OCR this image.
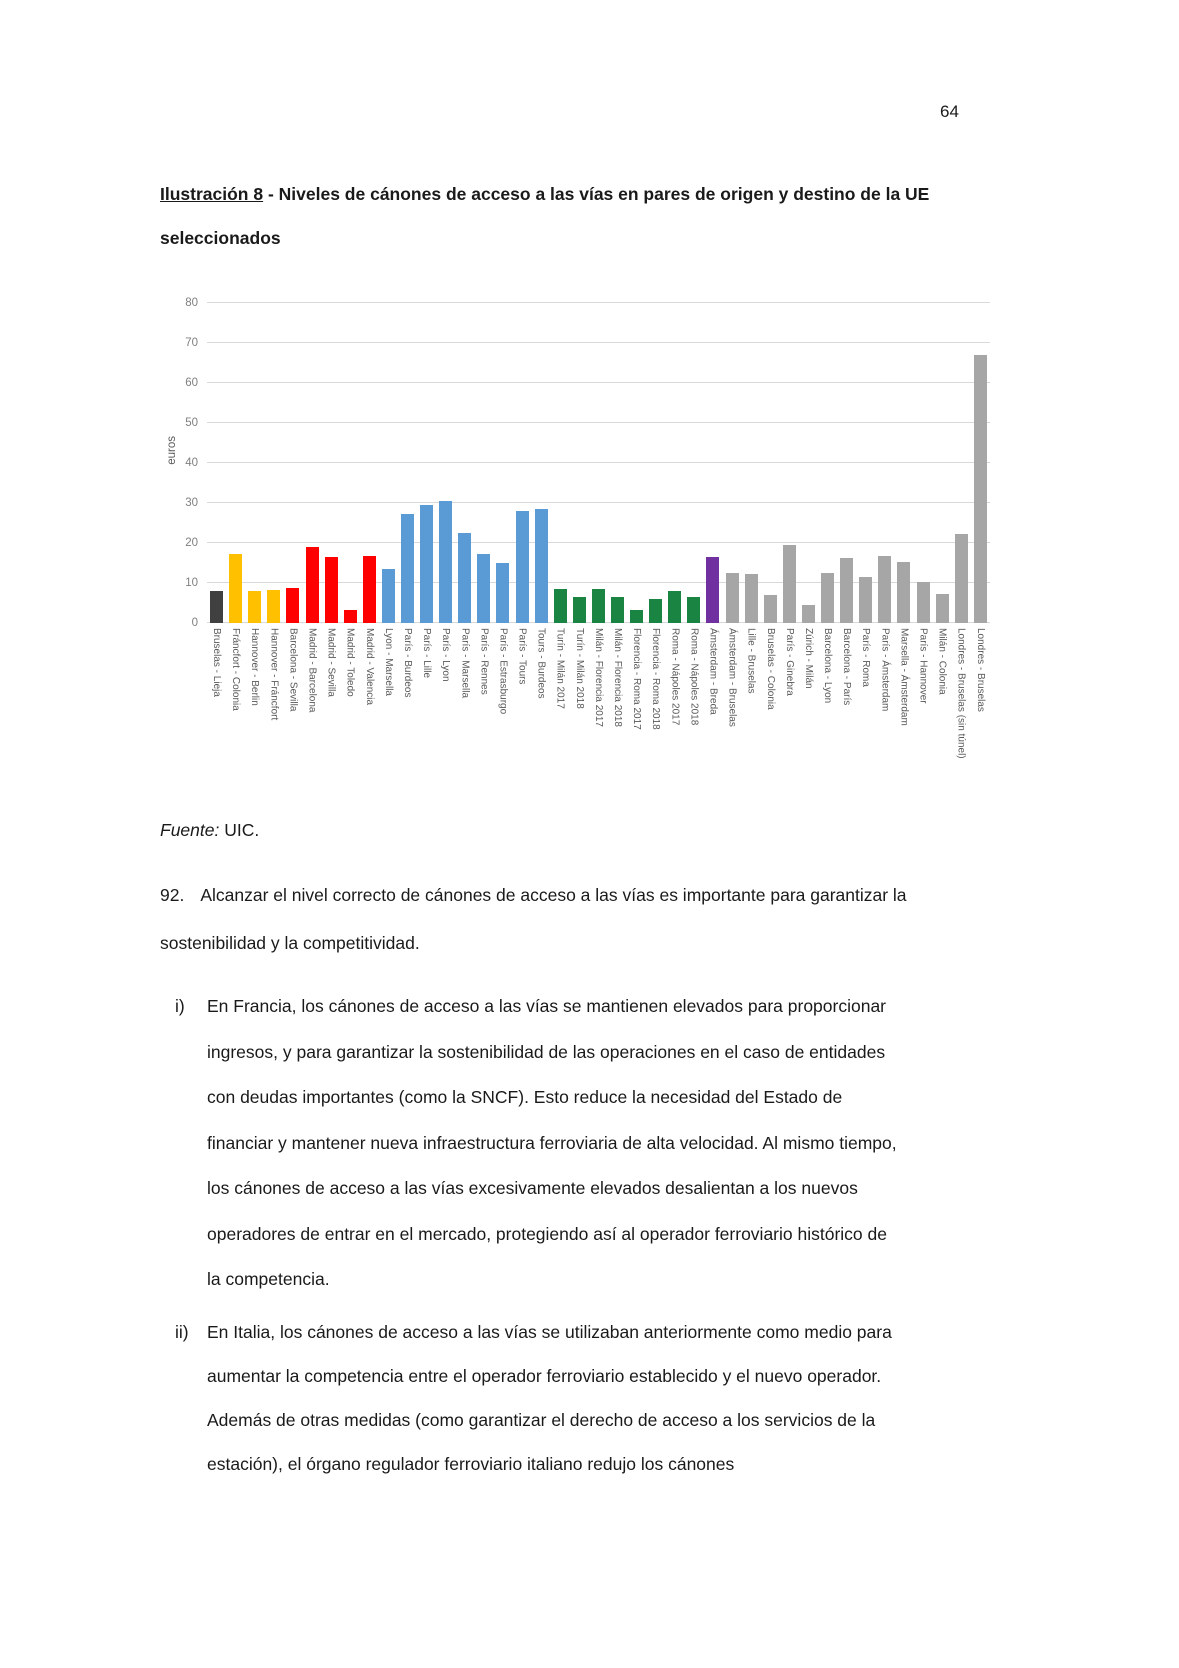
64

Ilustración 8 - Niveles de cánones de acceso a las vías en pares de origen y destino de la UE seleccionados

euros
0
10
20
30
40
50
60
70
80
Bruselas - Lieja Fráncfort - Colonia Hannover - Berlin Hannover - Fráncfort Barcelona - Sevilla Madrid - Barcelona Madrid - Sevilla Madrid - Toledo Madrid - Valencia Lyon - Marsella París - Burdeos París - Lille París - Lyon París - Marsella París - Rennes París - Estrasburgo París - Tours Tours - Burdeos Turín - Milán 2017 Turín - Milán 2018 Milán - Florencia 2017 Milán - Florencia 2018 Florencia - Roma 2017 Florencia - Roma 2018 Roma - Nápoles 2017 Roma - Nápoles 2018 Ámsterdam - Breda Ámsterdam - Bruselas Lille - Bruselas Bruselas - Colonia París - Ginebra Zúrich - Milán Barcelona - Lyon Barcelona - París París - Roma París - Ámsterdam Marsella - Ámsterdam París - Hannover Milán - Colonia Londres - Bruselas (sin túnel) Londres - Bruselas

Fuente: UIC.

92. Alcanzar el nivel correcto de cánones de acceso a las vías es importante para garantizar la sostenibilidad y la competitividad.

i) En Francia, los cánones de acceso a las vías se mantienen elevados para proporcionar ingresos, y para garantizar la sostenibilidad de las operaciones en el caso de entidades con deudas importantes (como la SNCF). Esto reduce la necesidad del Estado de financiar y mantener nueva infraestructura ferroviaria de alta velocidad. Al mismo tiempo, los cánones de acceso a las vías excesivamente elevados desalientan a los nuevos operadores de entrar en el mercado, protegiendo así al operador ferroviario histórico de la competencia.
ii) En Italia, los cánones de acceso a las vías se utilizaban anteriormente como medio para aumentar la competencia entre el operador ferroviario establecido y el nuevo operador. Además de otras medidas (como garantizar el derecho de acceso a los servicios de la estación), el órgano regulador ferroviario italiano redujo los cánones
